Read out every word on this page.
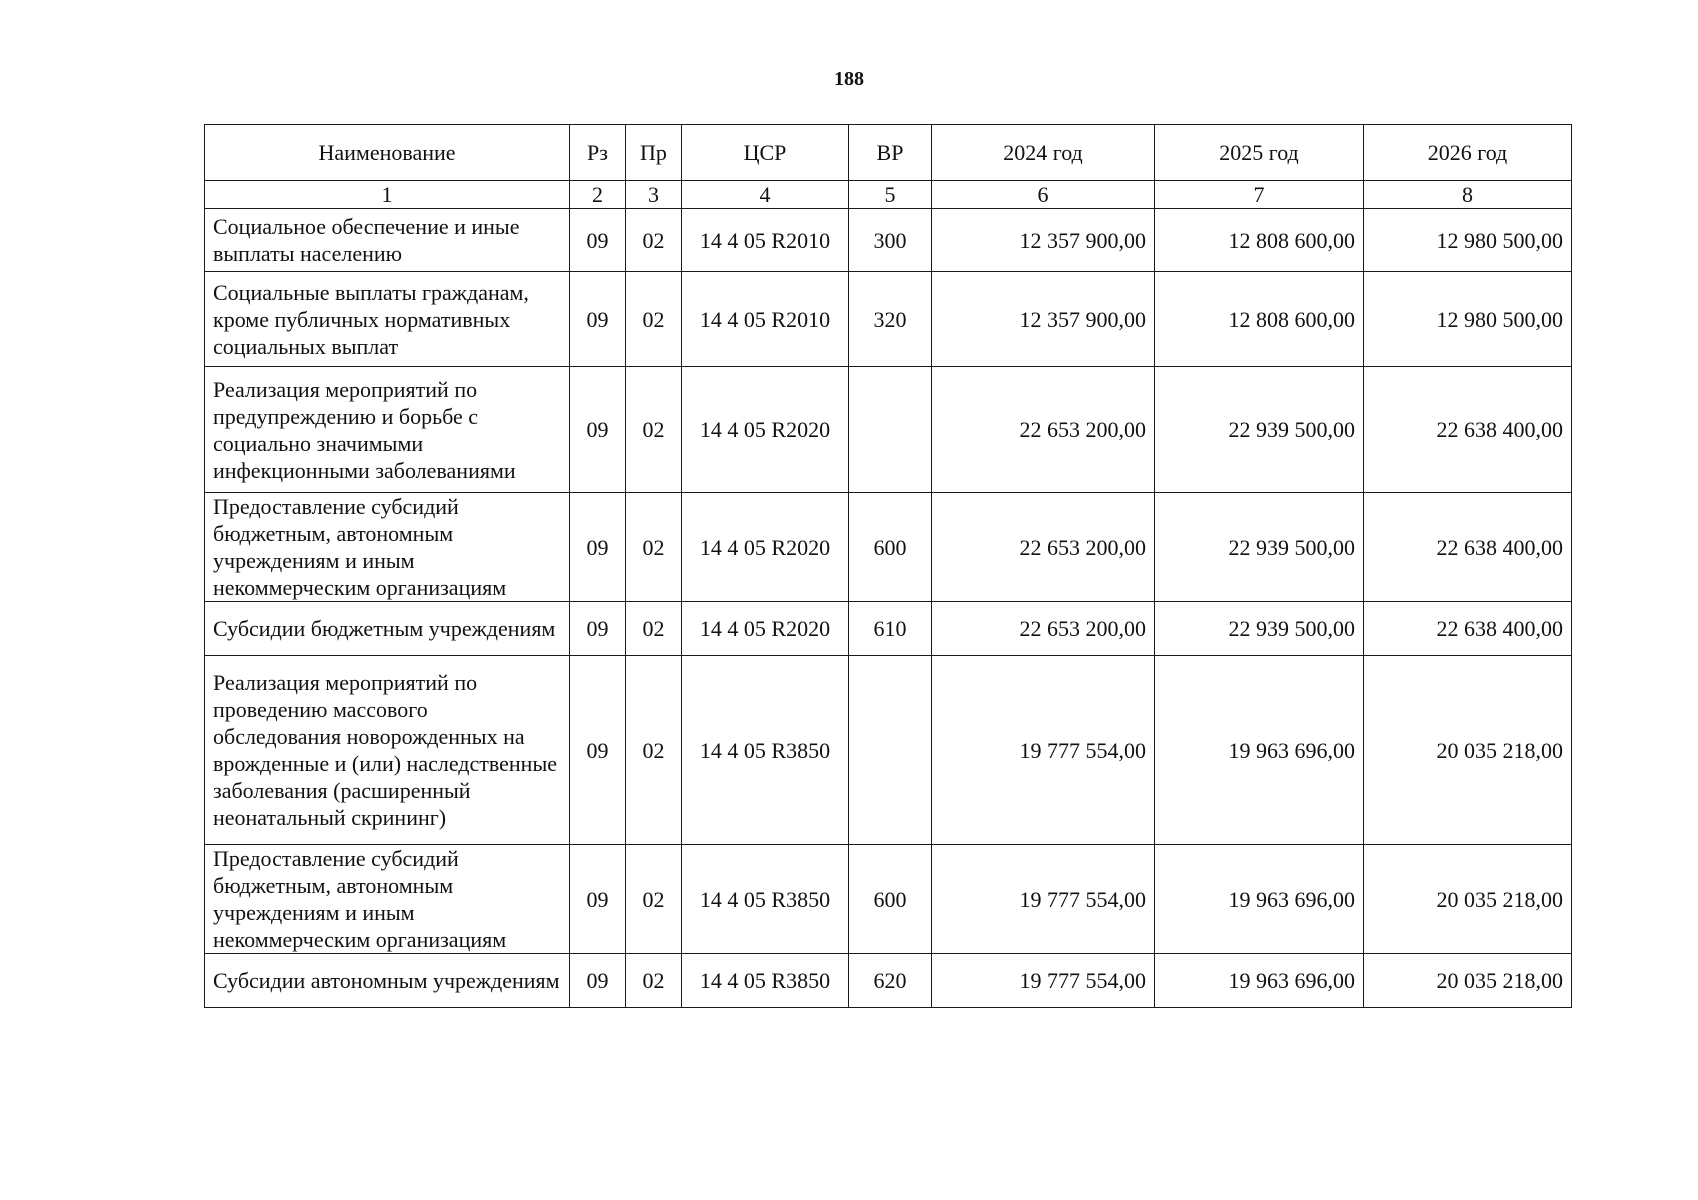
188
Наименование	Рз	Пр	ЦСР	ВР	2024 год	2025 год	2026 год
1	2	3	4	5	6	7	8
Социальное обеспечение и иные выплаты населению	09	02	14 4 05 R2010	300	12 357 900,00	12 808 600,00	12 980 500,00
Социальные выплаты гражданам, кроме публичных нормативных социальных выплат	09	02	14 4 05 R2010	320	12 357 900,00	12 808 600,00	12 980 500,00
Реализация мероприятий по предупреждению и борьбе с социально значимыми инфекционными заболеваниями	09	02	14 4 05 R2020		22 653 200,00	22 939 500,00	22 638 400,00
Предоставление субсидий бюджетным, автономным учреждениям и иным некоммерческим организациям	09	02	14 4 05 R2020	600	22 653 200,00	22 939 500,00	22 638 400,00
Субсидии бюджетным учреждениям	09	02	14 4 05 R2020	610	22 653 200,00	22 939 500,00	22 638 400,00
Реализация мероприятий по проведению массового обследования новорожденных на врожденные и (или) наследственные заболевания (расширенный неонатальный скрининг)	09	02	14 4 05 R3850		19 777 554,00	19 963 696,00	20 035 218,00
Предоставление субсидий бюджетным, автономным учреждениям и иным некоммерческим организациям	09	02	14 4 05 R3850	600	19 777 554,00	19 963 696,00	20 035 218,00
Субсидии автономным учреждениям	09	02	14 4 05 R3850	620	19 777 554,00	19 963 696,00	20 035 218,00
